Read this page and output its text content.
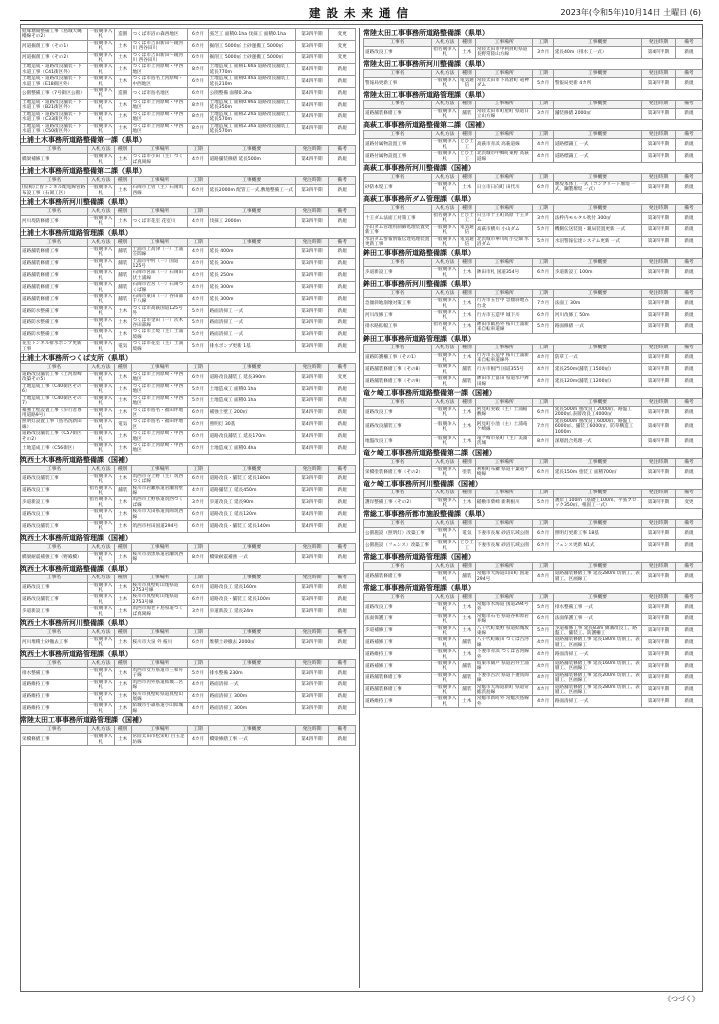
建設未来通信	2023年(令和5年)10月14日 土曜日 (6)
経塚塘開整備工事（島城大縄櫓線その2）	一般競争入札	造園	つくば市沼の森西地区	6カ月	張芝工 面積0.1ha 伐採工 面積0.1ha	第3四半期	変更
河道掘削工事（その1）	一般競争入札	土木	つくば市吉田新田～鏡河川 西谷田川	6カ月	掘削工 5000㎥ 土砂運搬工 5000㎥	第3四半期	変更
河道掘削工事（その2）	一般競争入札	土木	つくば市吉田新田～鏡河川 西谷田川	6カ月	掘削工 5000㎥ 土砂運搬工 5000㎥	第3四半期	変更
土地造成・道路改良舗装・下水道工事（C41街区外）	一般競争入札	土木	つくば市上河原崎・中西地区	8カ月	土地造成工 面積1.6ha 道路改良舗装工 延長770m	第4四半期	新規
土地造成・道路改良舗装・下水道工事（E18街区外）	一般競争入札	土木	つくば市島名上河原崎・中西地区	6カ月	土地造成工 面積0.4ha 道路改良舗装工 延長210m	第4四半期	新規
公園整備工事（7号街区公園）	一般競争入札	造園	つくば市島名地区	6カ月	公園整備 面積0.3ha	第4四半期	新規
土地造成・道路改良舗装・下水道工事（B21街区外）	一般競争入札	土木	つくば市上河原崎・中西地区	8カ月	土地造成工 面積0.9ha 道路改良舗装工 延長350m	第4四半期	新規
土地造成・道路改良舗装・下水道工事（C33街区外）	一般競争入札	土木	つくば市上河原崎・中西地区	8カ月	土地造成工 面積2.2ha 道路改良舗装工 延長570m	第4四半期	新規
土地造成・道路改良舗装・下水道工事（C50街区外）	一般競争入札	土木	つくば市上河原崎・中西地区	8カ月	土地造成工 面積2.3ha 道路改良舗装工 延長570m	第4四半期	新規
土浦土木事務所道路整備第一課（県単）
工事名	入札方法	種別	工事場所	工期	工事概要	発注時期	備考
橋梁補修工事	一般競争入札	土木	つくば市小田（主）つくば真岡線	4カ月	道路舗装修繕 延長500m	第4四半期	新規
土浦土木事務所道路整備第二課（県単）
工事名	入札方法	種別	工事場所	工期	工事概要	発注時期	備考
(仮称)上曽トンネル配電線管路布設工事（石岡工区）	一般競争入札	土木	石岡市上曽（主）石岡筑西線	6カ月	延長2000m 配管工一式,敷地整備工一式	第3四半期	新規
土浦土木事務所河川整備課（県単）
工事名	入札方法	種別	工事場所	工期	工事概要	発注時期	備考
河川堤防修繕工事	一般競争入札	土木	つくば市花室 花室川	4カ月	伐採工 2000m	第3四半期	新規
土浦土木事務所道路管理課（県単）
工事名	入札方法	種別	工事場所	工期	工事概要	発注時期	備考
道路舗装修繕工事	一般競争入札	舗装	土浦市上高津（一）土浦笠間線	4カ月	延長 400m	第3四半期	新規
道路舗装修繕工事	一般競争入札	舗装	土浦市中村（一）国道125号	4カ月	延長 300m	第3四半期	新規
道路舗装修繕工事	一般競争入札	舗装	石岡市宮部（一）石岡田伏土浦線	4カ月	延長 250m	第3四半期	新規
道路舗装修繕工事	一般競争入札	舗装	石岡市若宮（一）石岡つくば線	4カ月	延長 300m	第3四半期	新規
道路舗装修繕工事	一般競争入札	舗装	石岡市東田（一）谷田部千八線	4カ月	延長 300m	第3四半期	新規
道路防水整備工事	一般競争入札	土木	つくば市高萩国道125号外	5カ月	路面清掃工 一式	第3四半期	新規
道路防水整備工事	一般競争入札	土木	つくば市金田（一）茨木谷田部線	5カ月	路面清掃工 一式	第3四半期	新規
道路防水整備工事	一般競争入札	土木	つくば市上境（主）土浦境線	5カ月	路面清掃工 一式	第3四半期	新規
花室トンネル排水ポンプ更新工事	一般競争入札	電気	つくば市花室（主）土浦境線	5カ月	排水ポンプ更新 1基	第3四半期	新規
土浦土木事務所つくば支所（県単）
工事名	入札方法	種別	工事場所	工期	工事概要	発注時期	備考
道路改良舗装工事（上河原崎改築その5）	一般競争入札	土木	つくば市上河原崎・中西地区	6カ月	道路改良舗装工 延長390m	第3四半期	変更
土地造成工事（C40街区その6）	一般競争入札	土木	つくば市上河原崎・中西地区	5カ月	土地造成工 面積0.1ha	第3四半期	新規
土地造成工事（C40街区その7）	一般競争入札	土木	つくば市上河原崎・中西地区	5カ月	土地造成工 面積0.1ha	第3四半期	新規
補強土壁設置工事（歩行者専用道路9号）	一般競争入札	土木	つくば市島名・福田坪地区	6カ月	補強土壁工 200㎡	第4四半期	新規
照明灯設置工事（島名洗新田線）	一般競争入札	電気	つくば市島名・福田坪地区	6カ月	照明灯 30基	第4四半期	新規
道路改良舗装工事（C57街区その2）	一般競争入札	土木	つくば市上河原崎・中西地区	6カ月	道路改良舗装工 延長170m	第4四半期	新規
土地造成工事（C56街区）	一般競争入札	土木	つくば市上河原崎・中西地区	6カ月	土地造成工 面積0.4ha	第4四半期	新規
筑西土木事務所道路整備課（国補）
工事名	入札方法	種別	工事場所	工期	工事概要	発注時期	備考
道路改良舗装工事	一般競争入札	土木	筑西市寺上野（主）筑西つくば線	6カ月	道路改良・舗装工 延長180m	第3四半期	新規
道路改良工事	指名競争入札	舗装	桜川市岩瀬県道岩瀬真壁線	4カ月	道路舗装工 延長450m	第3四半期	新規
歩道新設工事	指名競争入札	土木	筑西市上野県道筑西つくば線	3カ月	歩道改良工 延長90m	第3四半期	新規
道路改良工事	一般競争入札	土木	桜川市犬田県道真岡筑西線	6カ月	道路改良工 延長120m	第4四半期	新規
道路改良舗装工事	一般競争入札	土木	筑西市村田国道294号	6カ月	道路改良・舗装工 延長140m	第4四半期	新規
筑西土木事務所道路管理課（国補）
工事名	入札方法	種別	工事場所	工期	工事概要	発注時期	備考
橋梁耐震補強工事（野殿橋）	一般競争入札	土木	桜川市羽黒県道岩瀬筑西線	8カ月	橋梁耐震補強 一式	第3四半期	新規
筑西土木事務所道路整備課（県単）
工事名	入札方法	種別	工事場所	工期	工事概要	発注時期	備考
道路改良工事	一般競争入札	土木	桜川市真壁町山尾県道2753号線	6カ月	道路改良工 延長160m	第3四半期	新規
道路改良舗装工事	一般競争入札	土木	桜川市真壁町山尾県道2753号線	6カ月	道路改良・舗装工 延長100m	第3四半期	新規
歩道新設工事	一般競争入札	土木	筑西市海老ヶ島県道つくば真岡線	3カ月	歩道新設工 延長24m	第3四半期	新規
筑西土木事務所河川整備課（県単）
工事名	入札方法	種別	工事場所	工期	工事概要	発注時期	備考
河川堆積土砂撤去工事	一般競争入札	土木	桜川市大泉 外 桜川	6カ月	堆積土砂撤去 2000㎥	第3四半期	新規
筑西土木事務所道路管理課（県単）
工事名	入札方法	種別	工事場所	工期	工事概要	発注時期	備考
排水整備工事	一般競争入札	土木	筑西市女方県道市三和舟子線	5カ月	排水整備 230m	第3四半期	新規
道路維持工事	一般競争入札	土木	筑西市丙外県道結城二宮線	4カ月	路面清掃 一式	第3四半期	新規
道路維持工事	一般競争入札	土木	桜川市真壁町県道真壁山尾線	4カ月	路面清掃工 300m	第3四半期	新規
道路維持工事	一般競争入札	土木	結城市小森県道小山結城線	4カ月	路面清掃工 300m	第3四半期	新規
常陸太田工事事務所道路管理課（国補）
工事名	入札方法	種別	工事場所	工期	工事概要	発注時期	備考
栄橋修繕工事	一般競争入札	土木	常陸太田市松栄町 目玉足坊線	4カ月	橋梁修繕工事 一式	第4四半期	新規
常陸太田工事事務所道路整備課（県単）
工事名	入札方法	種別	工事場所	工期	工事概要	発注時期	備考
道路改良工事	指名競争入札	土木	常陸太田市中利員町県道長野常陸山方線	3カ月	延長40m（排水工一式）	第4四半期	新規
常陸太田工事事務所河川整備課（県単）
工事名	入札方法	種別	工事場所	工期	工事概要	発注時期	備考
警報局更新工事	一般競争入札	電気通信	常陸太田市下高倉町 竜神ダム	5カ月	警報局更新 4カ所	第3四半期	新規
常陸太田工事事務所道路管理課（県単）
工事名	入札方法	種別	工事場所	工期	工事概要	発注時期	備考
道路舗装修繕工事	一般競争入札	舗装	常陸太田市町屋町 県道日立山方線	3カ月	舗装修繕 2000㎡	第3四半期	新規
高萩工事事務所道路整備第二課（国補）
工事名	入札方法	種別	工事場所	工期	工事概要	発注時期	備考
道路付属物設置工事	一般競争入札	とび土工	高萩市赤浜 高萩道線	4カ月	道路標識工 一式	第3四半期	新規
道路付属物設置工事	一般競争入札	とび土工	北茨城市中郷町東野 高萩道線	4カ月	道路標識工 一式	第3四半期	新規
高萩工事事務所河川整備課（国補）
工事名	入札方法	種別	工事場所	工期	工事概要	発注時期	備考
砂防本堤工事	一般競争入札	土木	日立市日向町 田代川	6カ月	堰堤本体工 一式（コンクリート堰堤 一式、鋼製堰堤 一式）	第3四半期	新規
高萩工事事務所ダム管理課（県単）
工事名	入札方法	種別	工事場所	工期	工事概要	発注時期	備考
十王ダム法面工対策工事	指名競争入札	とび土工	日立市十王町高原 十王ダム	3カ月	法枠内モルタル吹付 300㎡	第3四半期	新規
小山ダム管理用制御処理装置更新工事	一般競争入札	電気通信	高萩市横川 小山ダム	5カ月	機側伝送装置・親局装置更新 一式	第3四半期	新規
水沼ダム警報情報伝達処理装置更新工事	一般競争入札	電気通信	北茨城市華川町小豆畑 水沼ダム	5カ月	水沼警報伝達システム更新 一式	第3四半期	新規
鉾田工事事務所道路整備課（県単）
工事名	入札方法	種別	工事場所	工期	工事概要	発注時期	備考
歩道新設工事	一般競争入札	土木	鉾田市札 国道354号	6カ月	歩道新設工 100m	第3四半期	新規
鉾田工事事務所河川整備課（県単）
工事名	入札方法	種別	工事場所	工期	工事概要	発注時期	備考
急傾斜地崩壊対策工事	一般競争入札	土木	行方市五台甲 急傾斜地五台北	7カ月	法面工 30m	第3四半期	新規
河川改修工事	一般競争入札	土木	行方市玉造甲 城下川	6カ月	河川改修工 50m	第3四半期	新規
排水路拡幅工事	指名競争入札	土木	鉾田市飯島外 桜川土浦新来自転車道線	5カ月	路面修繕 一式	第3四半期	新規
鉾田工事事務所道路管理課（県単）
工事名	入札方法	種別	工事場所	工期	工事概要	発注時期	備考
道路防護柵工事（その1）	一般競争入札	土木	行方市玉造甲 桜川土浦新来自転車道線外	4カ月	防草工一式	第3四半期	新規
道路舗装修繕工事（その8）	一般競争入札	舗装	行方市根門 国道355号	4カ月	延長250m(舗装工1500㎡)	第3四半期	新規
道路舗装修繕工事（その9）	一般競争入札	舗装	鉾田市上富田 県道水戸鉾田線	4カ月	延長120m(舗装工1200㎡)	第3四半期	新規
竜ケ崎工事事務所道路整備第一課（国補）
工事名	入札方法	種別	工事場所	工期	工事概要	発注時期	備考
道路改良工事	一般競争入札	土木	阿見町実穀（主）土浦稲敷線	6カ月	延長500m 重改良工2000㎡、路盤工2000㎡,表層改良工4000㎡	第3四半期	新規
道路改良舗装工事	一般競争入札	土木	阿見町小池（主）土浦竜ケ崎線	7カ月	延長600m 重改良工6000㎡、路盤工6000㎡、舗装工6000㎡、防草構造工1000m	第4四半期	新規
地盤改良工事	一般競争入札	土木	竜ケ崎市泉町（主）美浦茨城	8カ月	深層混合処理一式	第4四半期	新規
竜ケ崎工事事務所道路整備第二課（国補）
工事名	入札方法	種別	工事場所	工期	工事概要	発注時期	備考
栄橋塗装修繕工事（その2）	一般競争入札	塗装	利根町布鎌 県道千葉竜ケ崎線	6カ月	延長150m 塗装工 面積700㎡	第3四半期	新規
竜ケ崎工事事務所河川整備課（国補）
工事名	入札方法	種別	工事場所	工期	工事概要	発注時期	備考
護岸整備工事（その2）	一般競争入札	土木	稲敷市柴崎 新利根川	5カ月	護岸工100m（基礎工100m、平張ブロック350㎡、根固工一式）	第3四半期	変更
常総工事事務所都市施設整備課（県単）
工事名	入札方法	種別	工事場所	工期	工事概要	発注時期	備考
公園施設（照明灯）改築工事	一般競争入札	電気	下妻市長塚 砂沼広域公園	6カ月	照明灯更新工事 18基	第3四半期	新規
公園施設（フェンス）改築工事	一般競争入札	とび土工	下妻市長塚 砂沼広域公園	6カ月	フェンス更新 N1式	第3四半期	新規
常総工事事務所道路管理課（国補）
工事名	入札方法	種別	工事場所	工期	工事概要	発注時期	備考
道路舗装修繕工事	一般競争入札	舗装	常総市大海道山田町 国道294号	4カ月	道路舗装修繕工事 延長280m 切削工、表層工、区画線工	第3四半期	新規
常総工事事務所道路管理課（県単）
工事名	入札方法	種別	工事場所	工期	工事概要	発注時期	備考
道路改良工事	一般競争入札	土木	常総市水海道 国道294号外	5カ月	排水整備工事 一式	第3四半期	新規
法面保護工事	一般競争入札	土木	常総市石毛 県道谷和原岩井線	6カ月	法面保護工事 一式	第3四半期	新規
歩道補修工事	一般競争入札	土木	八千代町粟野 県道結城坂東線	5カ月	歩道補修工事 延長83m 側溝改良工、路盤工、舗装工、防護柵工	第3四半期	新規
道路補修工事	一般競争入札	舗装	八千代町飯田 つくば古河線	4カ月	道路舗装修繕工事 延長180m 切削工、表層工、区画線工	第3四半期	新規
道路維持工事	一般競争入札	土木	下妻市赤浜 つくば古河線外	4カ月	路面清掃工 一式	第3四半期	新規
道路補修工事	一般競争入札	舗装	坂東市鵠戸 県道岩井土浦線	4カ月	道路舗装修繕工事 延長160m 切削工、表層工、区画線工	第3四半期	新規
道路舗装修繕工事	一般競争入札	舗装	下妻市古沢 県道下妻真岡線	4カ月	道路舗装修繕工事 延長200m 切削工、表層工、区画線工	第3四半期	新規
道路舗装修繕工事	一般競争入札	舗装	常総市大海道新町 県道常総茨島線	4カ月	道路舗装修繕工事 延長280m 切削工、表層工、区画線工	第3四半期	新規
道路維持工事	一般競争入札	土木	常総市新町外 常総茨島線外	4カ月	路面清掃工 一式	第3四半期	新規
《つづく》
